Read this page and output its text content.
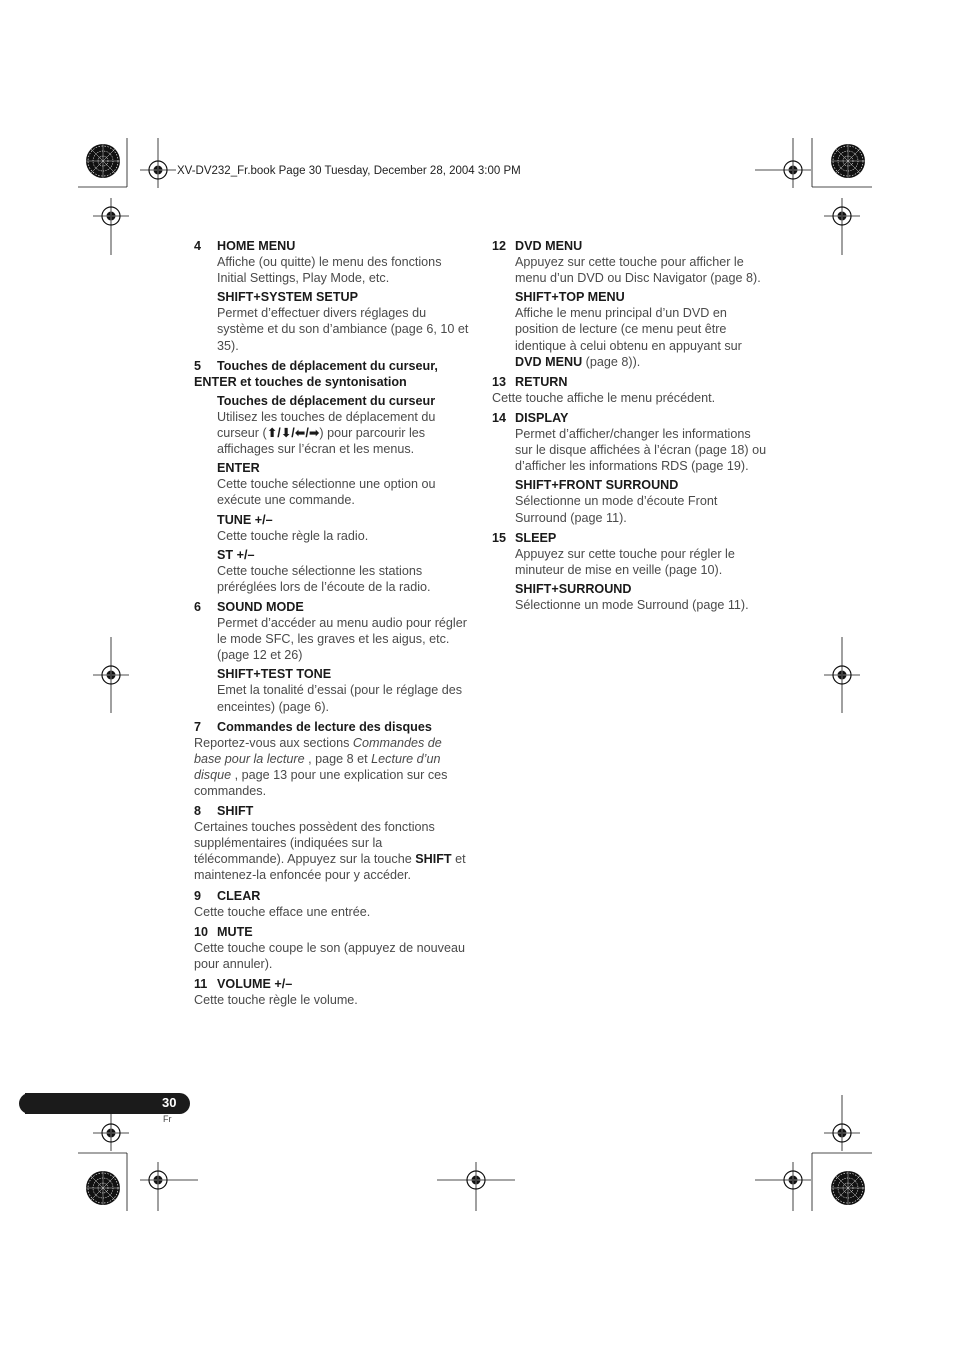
XV-DV232_Fr.book Page 30 Tuesday, December 28, 2004 3:00 PM
4 HOME MENU
Affiche (ou quitte) le menu des fonctions Initial Settings, Play Mode, etc.
SHIFT+SYSTEM SETUP
Permet d’effectuer divers réglages du système et du son d’ambiance (page 6, 10 et 35).
5 Touches de déplacement du curseur, ENTER et touches de syntonisation
Touches de déplacement du curseur
Utilisez les touches de déplacement du curseur (⬆/⬇/⬅/➡) pour parcourir les affichages sur l’écran et les menus.
ENTER
Cette touche sélectionne une option ou exécute une commande.
TUNE +/–
Cette touche règle la radio.
ST +/–
Cette touche sélectionne les stations préréglées lors de l’écoute de la radio.
6 SOUND MODE
Permet d’accéder au menu audio pour régler le mode SFC, les graves et les aigus, etc. (page 12 et 26)
SHIFT+TEST TONE
Emet la tonalité d’essai (pour le réglage des enceintes) (page 6).
7 Commandes de lecture des disques
Reportez-vous aux sections Commandes de base pour la lecture , page 8 et Lecture d’un disque , page 13 pour une explication sur ces commandes.
8 SHIFT
Certaines touches possèdent des fonctions supplémentaires (indiquées sur la télécommande). Appuyez sur la touche SHIFT et maintenez-la enfoncée pour y accéder.
9 CLEAR
Cette touche efface une entrée.
10 MUTE
Cette touche coupe le son (appuyez de nouveau pour annuler).
11 VOLUME +/–
Cette touche règle le volume.
12 DVD MENU
Appuyez sur cette touche pour afficher le menu d’un DVD ou Disc Navigator (page 8).
SHIFT+TOP MENU
Affiche le menu principal d’un DVD en position de lecture (ce menu peut être identique à celui obtenu en appuyant sur DVD MENU (page 8)).
13 RETURN
Cette touche affiche le menu précédent.
14 DISPLAY
Permet d’afficher/changer les informations sur le disque affichées à l’écran (page 18) ou d’afficher les informations RDS (page 19).
SHIFT+FRONT SURROUND
Sélectionne un mode d’écoute Front Surround (page 11).
15 SLEEP
Appuyez sur cette touche pour régler le minuteur de mise en veille (page 10).
SHIFT+SURROUND
Sélectionne un mode Surround (page 11).
30
Fr
